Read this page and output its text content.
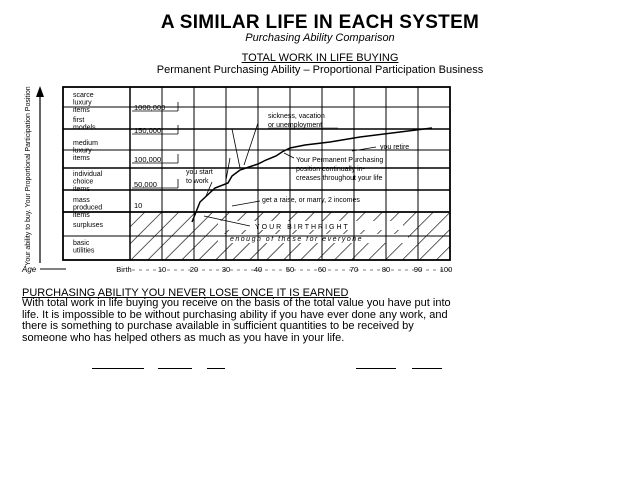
A SIMILAR LIFE IN EACH SYSTEM
Purchasing Ability Comparison
TOTAL WORK IN LIFE BUYING
Permanent Purchasing Ability – Proportional Participation Business
Your ability to buy. Your Proportional Participation Position	scarce luxury items
first models
medium luxury items
individual choice items
mass produced items
surpluses
basic utilities
1000,000
150,000
100,000
50,000
10
sickness, vacation
or unemployment
you retire
Your Permanent Purchasing
position continually in-
creases throughout your life
you start
to work
get a raise, or marry, 2 incomes
YOUR BIRTHRIGHT
enough of these for everyone
Age	Birth	10	20	30	40	50	60	70	80	90 100
PURCHASING ABILITY YOU NEVER LOSE ONCE IT IS EARNED
With total work in life buying you receive on the basis of the total value you have put into life. It is impossible to be without purchasing ability if you have ever done any work, and there is something to purchase available in sufficient quantities to be received by someone who has helped others as much as you have in your life.
